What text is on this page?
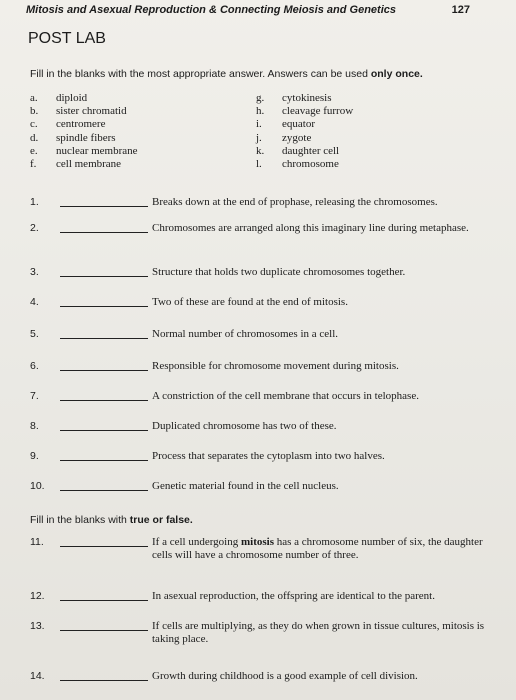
Mitosis and Asexual Reproduction & Connecting Meiosis and Genetics	127
POST LAB
Fill in the blanks with the most appropriate answer. Answers can be used only once.
a.	diploid
b.	sister chromatid
c.	centromere
d.	spindle fibers
e.	nuclear membrane
f.	cell membrane
g.	cytokinesis
h.	cleavage furrow
i.	equator
j.	zygote
k.	daughter cell
l.	chromosome
1.	Breaks down at the end of prophase, releasing the chromosomes.
2.	Chromosomes are arranged along this imaginary line during metaphase.
3.	Structure that holds two duplicate chromosomes together.
4.	Two of these are found at the end of mitosis.
5.	Normal number of chromosomes in a cell.
6.	Responsible for chromosome movement during mitosis.
7.	A constriction of the cell membrane that occurs in telophase.
8.	Duplicated chromosome has two of these.
9.	Process that separates the cytoplasm into two halves.
10.	Genetic material found in the cell nucleus.
Fill in the blanks with true or false.
11.	If a cell undergoing mitosis has a chromosome number of six, the daughter cells will have a chromosome number of three.
12.	In asexual reproduction, the offspring are identical to the parent.
13.	If cells are multiplying, as they do when grown in tissue cultures, mitosis is taking place.
14.	Growth during childhood is a good example of cell division.
